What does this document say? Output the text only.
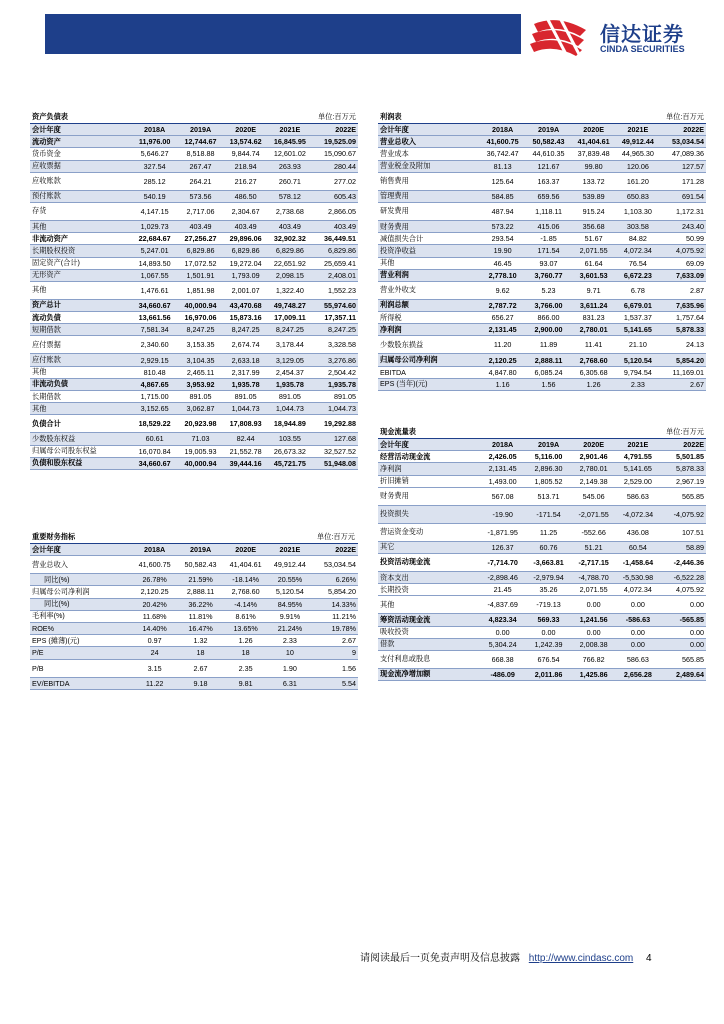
信达证券
CINDA SECURITIES
资产负债表	单位:百万元
会计年度	2018A	2019A	2020E	2021E	2022E
流动资产	11,976.00	12,744.67	13,574.62	16,845.95	19,525.09
货币资金	5,646.27	8,518.88	9,844.74	12,601.02	15,090.67
应收票据	327.54	267.47	218.94	263.93	280.44
应收账款	285.12	264.21	216.27	260.71	277.02
预付账款	540.19	573.56	486.50	578.12	605.43
存货	4,147.15	2,717.06	2,304.67	2,738.68	2,866.05
其他	1,029.73	403.49	403.49	403.49	403.49
非流动资产	22,684.67	27,256.27	29,896.06	32,902.32	36,449.51
长期股权投资	5,247.01	6,829.86	6,829.86	6,829.86	6,829.86
固定资产(合计)	14,893.50	17,072.52	19,272.04	22,651.92	25,659.41
无形资产	1,067.55	1,501.91	1,793.09	2,098.15	2,408.01
其他	1,476.61	1,851.98	2,001.07	1,322.40	1,552.23
资产总计	34,660.67	40,000.94	43,470.68	49,748.27	55,974.60
流动负债	13,661.56	16,970.06	15,873.16	17,009.11	17,357.11
短期借款	7,581.34	8,247.25	8,247.25	8,247.25	8,247.25
应付票据	2,340.60	3,153.35	2,674.74	3,178.44	3,328.58
应付账款	2,929.15	3,104.35	2,633.18	3,129.05	3,276.86
其他	810.48	2,465.11	2,317.99	2,454.37	2,504.42
非流动负债	4,867.65	3,953.92	1,935.78	1,935.78	1,935.78
长期借款	1,715.00	891.05	891.05	891.05	891.05
其他	3,152.65	3,062.87	1,044.73	1,044.73	1,044.73
负债合计	18,529.22	20,923.98	17,808.93	18,944.89	19,292.88
少数股东权益	60.61	71.03	82.44	103.55	127.68
归属母公司股东权益	16,070.84	19,005.93	21,552.78	26,673.32	32,527.52
负债和股东权益	34,660.67	40,000.94	39,444.16	45,721.75	51,948.08
重要财务指标	单位:百万元
会计年度	2018A	2019A	2020E	2021E	2022E
营业总收入	41,600.75	50,582.43	41,404.61	49,912.44	53,034.54
同比(%)	26.78%	21.59%	-18.14%	20.55%	6.26%
归属母公司净利润	2,120.25	2,888.11	2,768.60	5,120.54	5,854.20
同比(%)	20.42%	36.22%	-4.14%	84.95%	14.33%
毛利率(%)	11.68%	11.81%	8.61%	9.91%	11.21%
ROE%	14.40%	16.47%	13.65%	21.24%	19.78%
EPS (摊薄)(元)	0.97	1.32	1.26	2.33	2.67
P/E	24	18	18	10	9
P/B	3.15	2.67	2.35	1.90	1.56
EV/EBITDA	11.22	9.18	9.81	6.31	5.54
利润表	单位:百万元
会计年度	2018A	2019A	2020E	2021E	2022E
营业总收入	41,600.75	50,582.43	41,404.61	49,912.44	53,034.54
营业成本	36,742.47	44,610.35	37,839.48	44,965.30	47,089.36
营业税金及附加	81.13	121.67	99.80	120.06	127.57
销售费用	125.64	163.37	133.72	161.20	171.28
管理费用	584.85	659.56	539.89	650.83	691.54
研发费用	487.94	1,118.11	915.24	1,103.30	1,172.31
财务费用	573.22	415.06	356.68	303.58	243.40
减值损失合计	293.54	-1.85	51.67	84.82	50.99
投资净收益	19.90	171.54	2,071.55	4,072.34	4,075.92
其他	46.45	93.07	61.64	76.54	69.09
营业利润	2,778.10	3,760.77	3,601.53	6,672.23	7,633.09
营业外收支	9.62	5.23	9.71	6.78	2.87
利润总额	2,787.72	3,766.00	3,611.24	6,679.01	7,635.96
所得税	656.27	866.00	831.23	1,537.37	1,757.64
净利润	2,131.45	2,900.00	2,780.01	5,141.65	5,878.33
少数股东损益	11.20	11.89	11.41	21.10	24.13
归属母公司净利润	2,120.25	2,888.11	2,768.60	5,120.54	5,854.20
EBITDA	4,847.80	6,085.24	6,305.68	9,794.54	11,169.01
EPS (当年)(元)	1.16	1.56	1.26	2.33	2.67
现金流量表	单位:百万元
会计年度	2018A	2019A	2020E	2021E	2022E
经营活动现金流	2,426.05	5,116.00	2,901.46	4,791.55	5,501.85
净利润	2,131.45	2,896.30	2,780.01	5,141.65	5,878.33
折旧摊销	1,493.00	1,805.52	2,149.38	2,529.00	2,967.19
财务费用	567.08	513.71	545.06	586.63	565.85
投资损失	-19.90	-171.54	-2,071.55	-4,072.34	-4,075.92
营运资金变动	-1,871.95	11.25	-552.66	436.08	107.51
其它	126.37	60.76	51.21	60.54	58.89
投资活动现金流	-7,714.70	-3,663.81	-2,717.15	-1,458.64	-2,446.36
资本支出	-2,898.46	-2,979.94	-4,788.70	-5,530.98	-6,522.28
长期投资	21.45	35.26	2,071.55	4,072.34	4,075.92
其他	-4,837.69	-719.13	0.00	0.00	0.00
筹资活动现金流	4,823.34	569.33	1,241.56	-586.63	-565.85
吸收投资	0.00	0.00	0.00	0.00	0.00
借款	5,304.24	1,242.39	2,008.38	0.00	0.00
支付利息或股息	668.38	676.54	766.82	586.63	565.85
现金流净增加额	-486.09	2,011.86	1,425.86	2,656.28	2,489.64
请阅读最后一页免责声明及信息披露 http://www.cindasc.com 4
